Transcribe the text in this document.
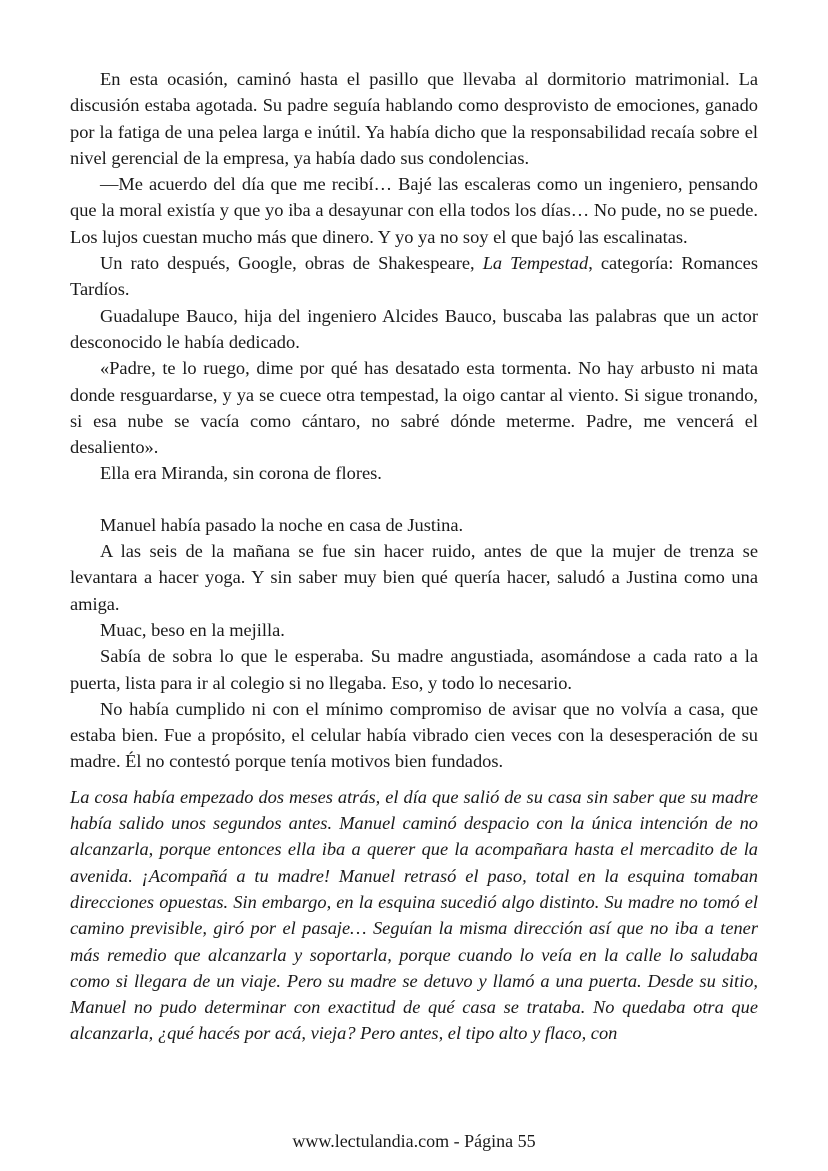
En esta ocasión, caminó hasta el pasillo que llevaba al dormitorio matrimonial. La discusión estaba agotada. Su padre seguía hablando como desprovisto de emociones, ganado por la fatiga de una pelea larga e inútil. Ya había dicho que la responsabilidad recaía sobre el nivel gerencial de la empresa, ya había dado sus condolencias.

—Me acuerdo del día que me recibí… Bajé las escaleras como un ingeniero, pensando que la moral existía y que yo iba a desayunar con ella todos los días… No pude, no se puede. Los lujos cuestan mucho más que dinero. Y yo ya no soy el que bajó las escalinatas.

Un rato después, Google, obras de Shakespeare, La Tempestad, categoría: Romances Tardíos.

Guadalupe Bauco, hija del ingeniero Alcides Bauco, buscaba las palabras que un actor desconocido le había dedicado.

«Padre, te lo ruego, dime por qué has desatado esta tormenta. No hay arbusto ni mata donde resguardarse, y ya se cuece otra tempestad, la oigo cantar al viento. Si sigue tronando, si esa nube se vacía como cántaro, no sabré dónde meterme. Padre, me vencerá el desaliento».

Ella era Miranda, sin corona de flores.

Manuel había pasado la noche en casa de Justina.

A las seis de la mañana se fue sin hacer ruido, antes de que la mujer de trenza se levantara a hacer yoga. Y sin saber muy bien qué quería hacer, saludó a Justina como una amiga.

Muac, beso en la mejilla.

Sabía de sobra lo que le esperaba. Su madre angustiada, asomándose a cada rato a la puerta, lista para ir al colegio si no llegaba. Eso, y todo lo necesario.

No había cumplido ni con el mínimo compromiso de avisar que no volvía a casa, que estaba bien. Fue a propósito, el celular había vibrado cien veces con la desesperación de su madre. Él no contestó porque tenía motivos bien fundados.

La cosa había empezado dos meses atrás, el día que salió de su casa sin saber que su madre había salido unos segundos antes. Manuel caminó despacio con la única intención de no alcanzarla, porque entonces ella iba a querer que la acompañara hasta el mercadito de la avenida. ¡Acompañá a tu madre! Manuel retrasó el paso, total en la esquina tomaban direcciones opuestas. Sin embargo, en la esquina sucedió algo distinto. Su madre no tomó el camino previsible, giró por el pasaje… Seguían la misma dirección así que no iba a tener más remedio que alcanzarla y soportarla, porque cuando lo veía en la calle lo saludaba como si llegara de un viaje. Pero su madre se detuvo y llamó a una puerta. Desde su sitio, Manuel no pudo determinar con exactitud de qué casa se trataba. No quedaba otra que alcanzarla, ¿qué hacés por acá, vieja? Pero antes, el tipo alto y flaco, con

www.lectulandia.com - Página 55
